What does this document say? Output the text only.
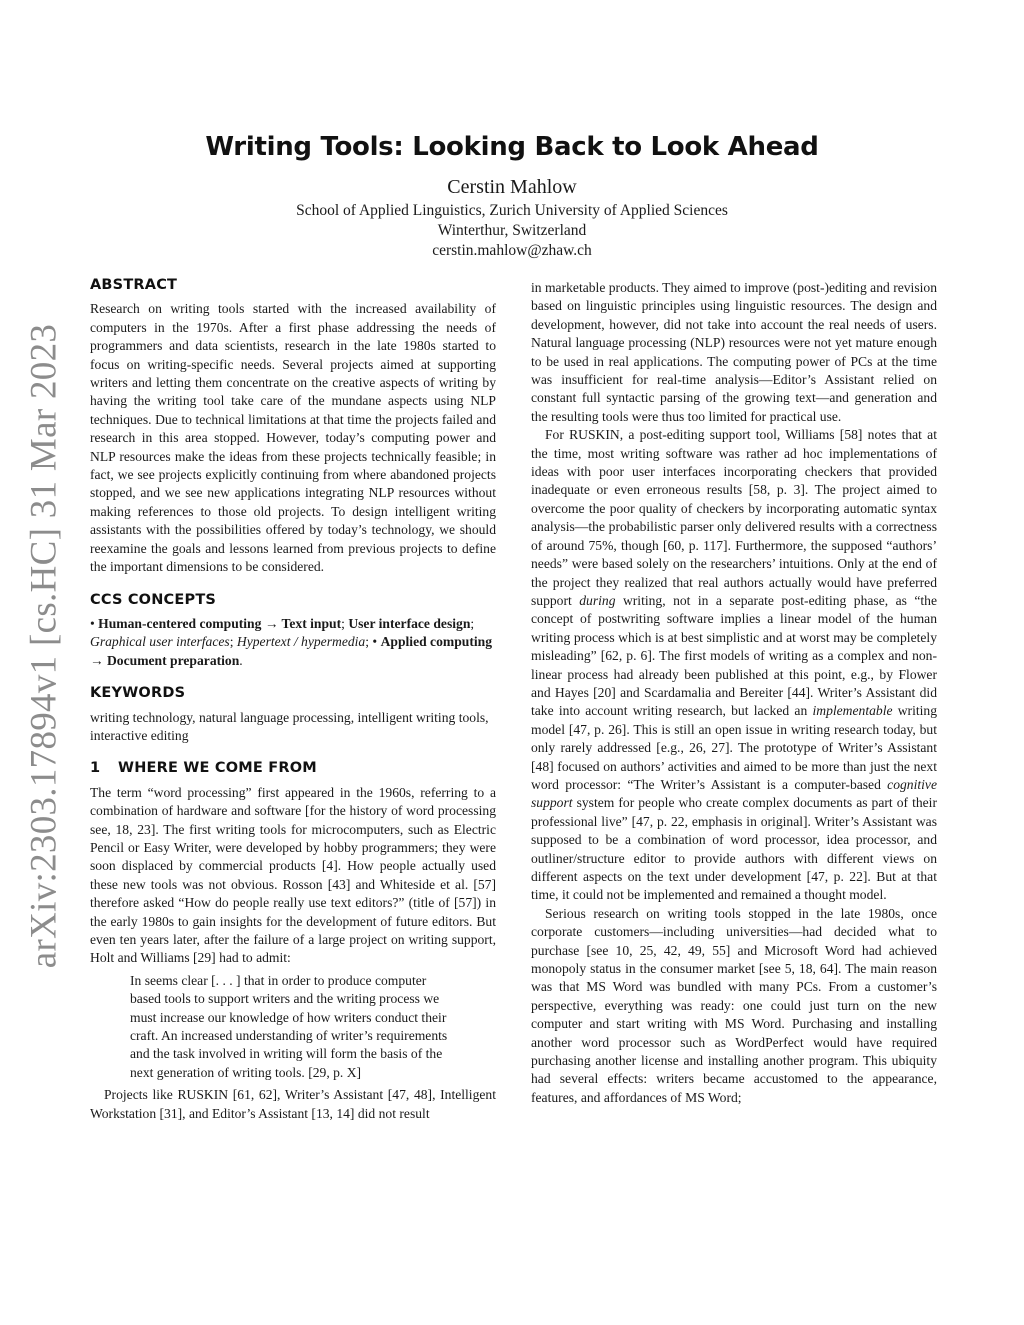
arXiv:2303.17894v1 [cs.HC] 31 Mar 2023
Writing Tools: Looking Back to Look Ahead
Cerstin Mahlow
School of Applied Linguistics, Zurich University of Applied Sciences
Winterthur, Switzerland
cerstin.mahlow@zhaw.ch
ABSTRACT

Research on writing tools started with the increased availability of computers in the 1970s. After a first phase addressing the needs of programmers and data scientists, research in the late 1980s started to focus on writing-specific needs. Several projects aimed at supporting writers and letting them concentrate on the creative aspects of writing by having the writing tool take care of the mundane aspects using NLP techniques. Due to technical limitations at that time the projects failed and research in this area stopped. However, today’s computing power and NLP resources make the ideas from these projects technically feasible; in fact, we see projects explicitly continuing from where abandoned projects stopped, and we see new applications integrating NLP resources without making references to those old projects. To design intelligent writing assistants with the possibilities offered by today’s technology, we should reexamine the goals and lessons learned from previous projects to define the important dimensions to be considered.

CCS CONCEPTS

• Human-centered computing → Text input; User interface design; Graphical user interfaces; Hypertext / hypermedia; • Applied computing → Document preparation.

KEYWORDS

writing technology, natural language processing, intelligent writing tools, interactive editing

1 WHERE WE COME FROM

The term “word processing” first appeared in the 1960s, referring to a combination of hardware and software [for the history of word processing see, 18, 23]. The first writing tools for microcomputers, such as Electric Pencil or Easy Writer, were developed by hobby programmers; they were soon displaced by commercial products [4]. How people actually used these new tools was not obvious. Rosson [43] and Whiteside et al. [57] therefore asked “How do people really use text editors?” (title of [57]) in the early 1980s to gain insights for the development of future editors. But even ten years later, after the failure of a large project on writing support, Holt and Williams [29] had to admit:

In seems clear [. . . ] that in order to produce computer based tools to support writers and the writing process we must increase our knowledge of how writers conduct their craft. An increased understanding of writer’s requirements and the task involved in writing will form the basis of the next generation of writing tools. [29, p. X]

Projects like RUSKIN [61, 62], Writer’s Assistant [47, 48], Intelligent Workstation [31], and Editor’s Assistant [13, 14] did not result

in marketable products. They aimed to improve (post-)editing and revision based on linguistic principles using linguistic resources. The design and development, however, did not take into account the real needs of users. Natural language processing (NLP) resources were not yet mature enough to be used in real applications. The computing power of PCs at the time was insufficient for real-time analysis—Editor’s Assistant relied on constant full syntactic parsing of the growing text—and generation and the resulting tools were thus too limited for practical use.

For RUSKIN, a post-editing support tool, Williams [58] notes that at the time, most writing software was rather ad hoc implementations of ideas with poor user interfaces incorporating checkers that provided inadequate or even erroneous results [58, p. 3]. The project aimed to overcome the poor quality of checkers by incorporating automatic syntax analysis—the probabilistic parser only delivered results with a correctness of around 75%, though [60, p. 117]. Furthermore, the supposed “authors’ needs” were based solely on the researchers’ intuitions. Only at the end of the project they realized that real authors actually would have preferred support during writing, not in a separate post-editing phase, as “the concept of postwriting software implies a linear model of the human writing process which is at best simplistic and at worst may be completely misleading” [62, p. 6]. The first models of writing as a complex and non-linear process had already been published at this point, e.g., by Flower and Hayes [20] and Scardamalia and Bereiter [44]. Writer’s Assistant did take into account writing research, but lacked an implementable writing model [47, p. 26]. This is still an open issue in writing research today, but only rarely addressed [e.g., 26, 27]. The prototype of Writer’s Assistant [48] focused on authors’ activities and aimed to be more than just the next word processor: “The Writer’s Assistant is a computer-based cognitive support system for people who create complex documents as part of their professional live” [47, p. 22, emphasis in original]. Writer’s Assistant was supposed to be a combination of word processor, idea processor, and outliner/structure editor to provide authors with different views on different aspects on the text under development [47, p. 22]. But at that time, it could not be implemented and remained a thought model.

Serious research on writing tools stopped in the late 1980s, once corporate customers—including universities—had decided what to purchase [see 10, 25, 42, 49, 55] and Microsoft Word had achieved monopoly status in the consumer market [see 5, 18, 64]. The main reason was that MS Word was bundled with many PCs. From a customer’s perspective, everything was ready: one could just turn on the new computer and start writing with MS Word. Purchasing and installing another word processor such as WordPerfect would have required purchasing another license and installing another program. This ubiquity had several effects: writers became accustomed to the appearance, features, and affordances of MS Word;
